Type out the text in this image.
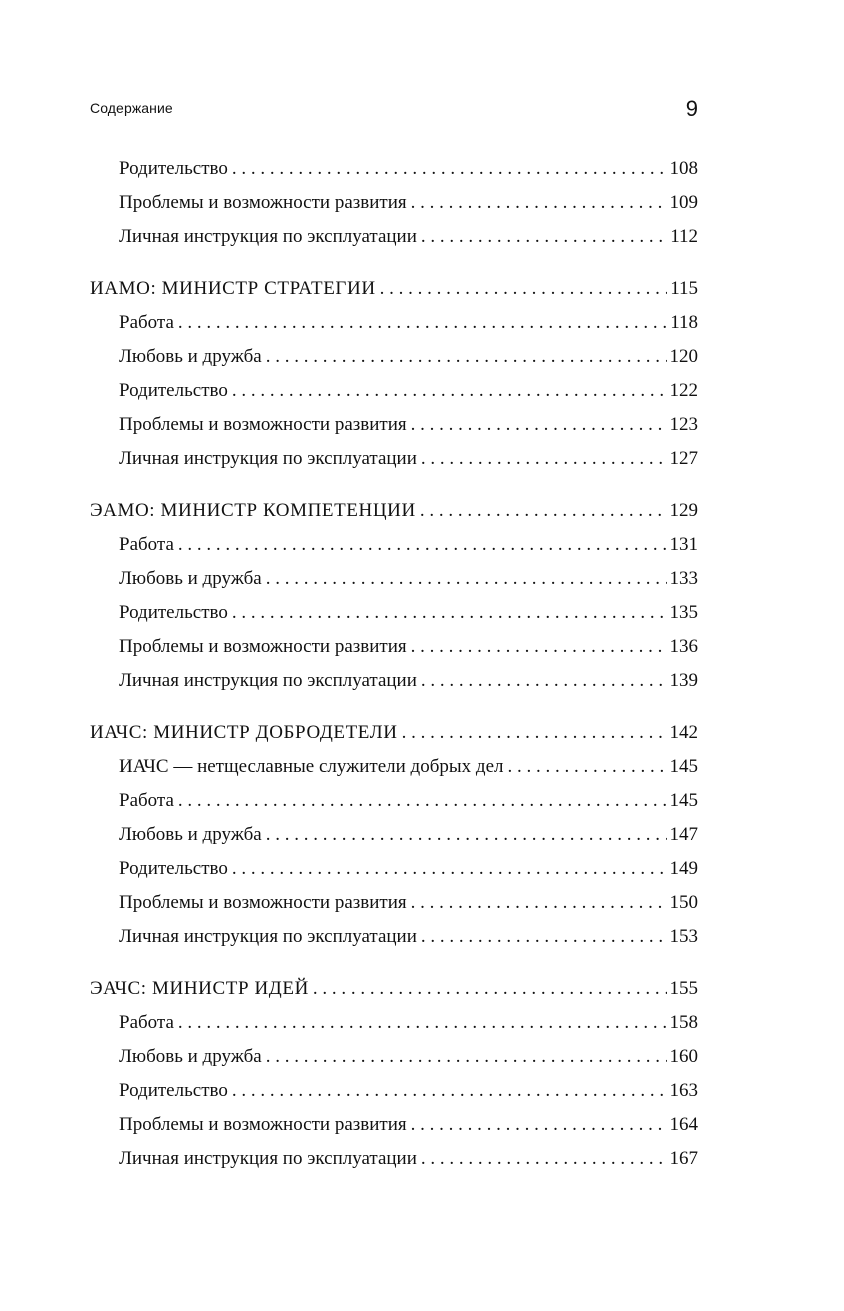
Содержание	9
Родительство . . .	108
Проблемы и возможности развития . . .	109
Личная инструкция по эксплуатации . . .	112
ИАМО: МИНИСТР СТРАТЕГИИ . . .	115
Работа . . .	118
Любовь и дружба . . .	120
Родительство . . .	122
Проблемы и возможности развития . . .	123
Личная инструкция по эксплуатации . . .	127
ЭАМО: МИНИСТР КОМПЕТЕНЦИИ . . .	129
Работа . . .	131
Любовь и дружба . . .	133
Родительство . . .	135
Проблемы и возможности развития . . .	136
Личная инструкция по эксплуатации . . .	139
ИАЧС: МИНИСТР ДОБРОДЕТЕЛИ . . .	142
ИАЧС — нетщеславные служители добрых дел . . .	145
Работа . . .	145
Любовь и дружба . . .	147
Родительство . . .	149
Проблемы и возможности развития . . .	150
Личная инструкция по эксплуатации . . .	153
ЭАЧС: МИНИСТР ИДЕЙ . . .	155
Работа . . .	158
Любовь и дружба . . .	160
Родительство . . .	163
Проблемы и возможности развития . . .	164
Личная инструкция по эксплуатации . . .	167
